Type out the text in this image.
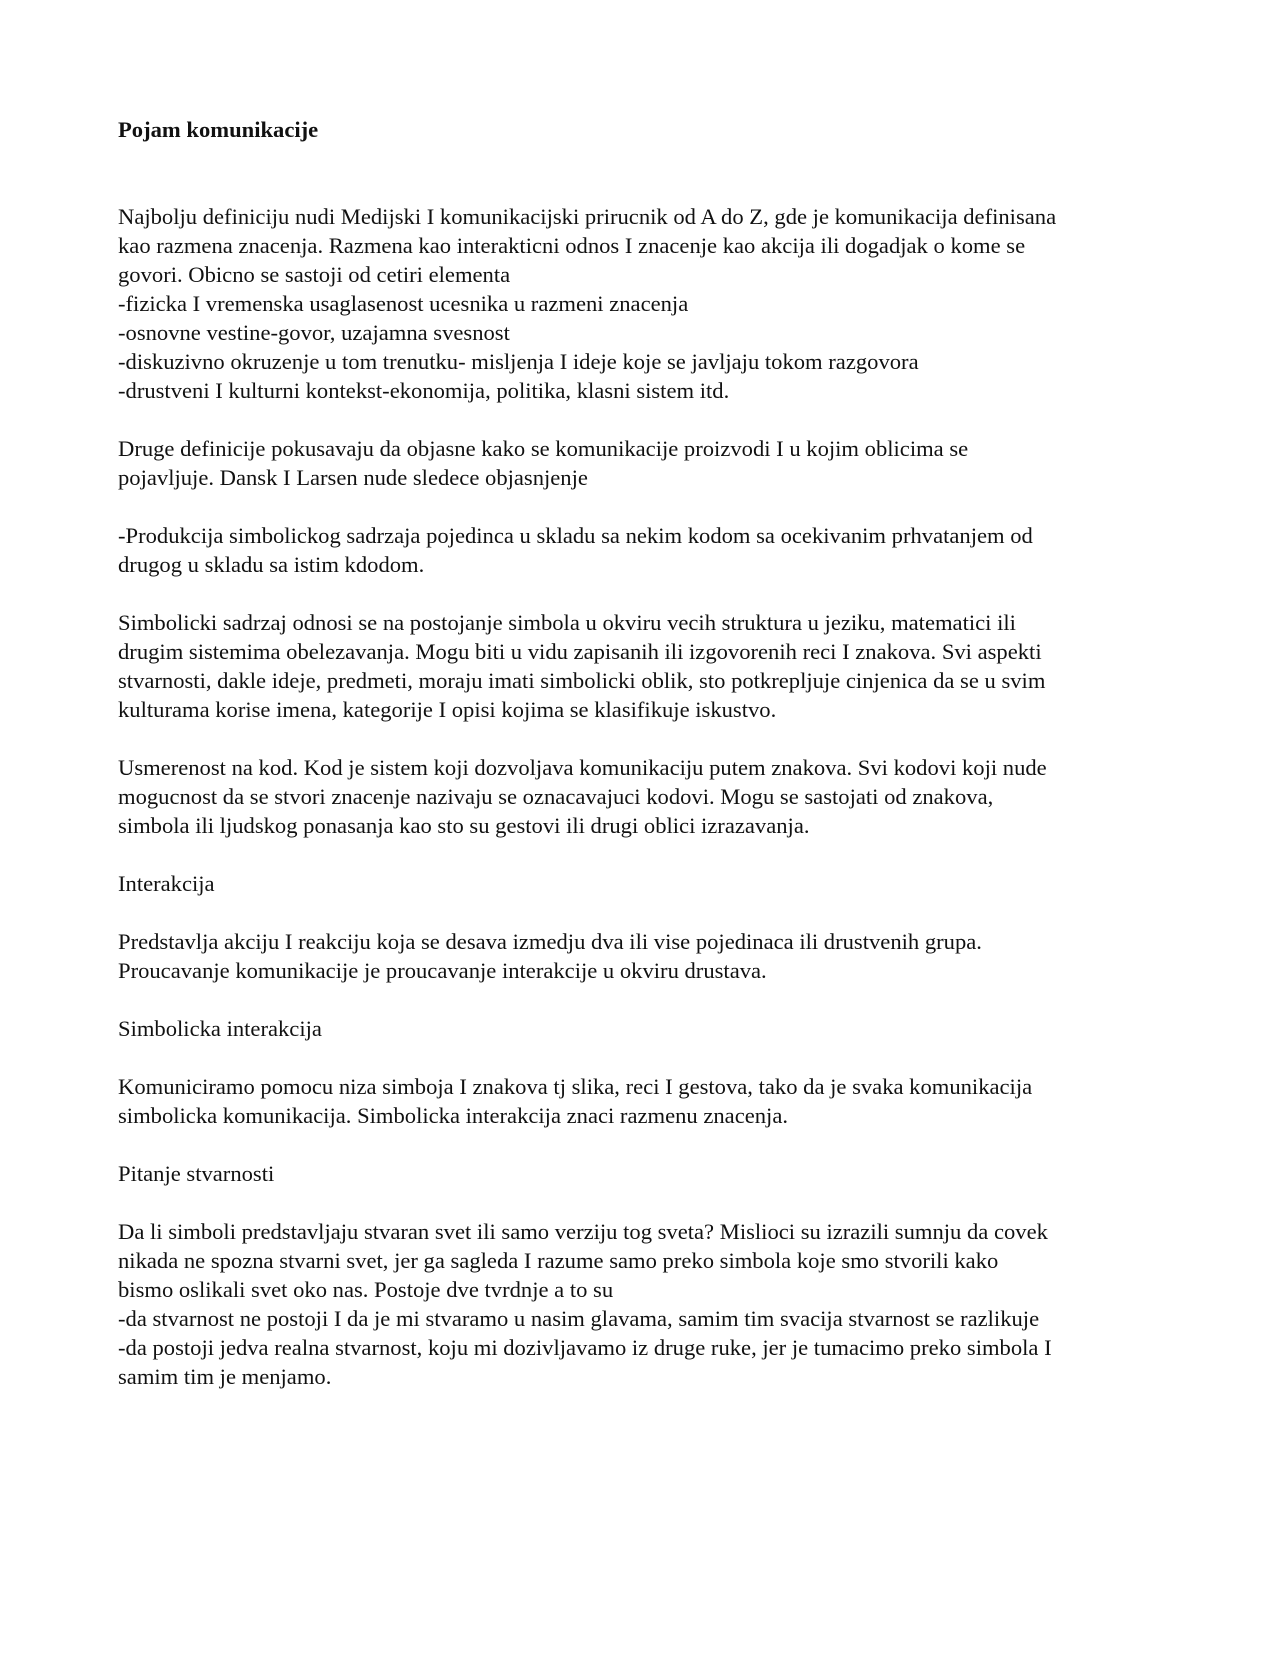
Pojam komunikacije
Najbolju definiciju nudi Medijski I komunikacijski prirucnik od A do Z, gde je komunikacija definisana
kao razmena znacenja. Razmena kao interakticni odnos I znacenje kao akcija ili dogadjak o kome se
govori. Obicno se sastoji od cetiri elementa
-fizicka I vremenska usaglasenost ucesnika u razmeni znacenja
-osnovne vestine-govor, uzajamna svesnost
-diskuzivno okruzenje u tom trenutku- misljenja I ideje koje se javljaju tokom razgovora
-drustveni I kulturni kontekst-ekonomija, politika, klasni sistem itd.
Druge definicije pokusavaju da objasne kako se komunikacije proizvodi I u kojim oblicima se
pojavljuje. Dansk I Larsen nude sledece objasnjenje
-Produkcija simbolickog sadrzaja pojedinca u skladu sa nekim kodom sa ocekivanim prhvatanjem od
drugog u skladu sa istim kdodom.
Simbolicki sadrzaj odnosi se na postojanje simbola u okviru vecih struktura u jeziku, matematici ili
drugim sistemima obelezavanja. Mogu biti u vidu zapisanih ili izgovorenih reci I znakova. Svi aspekti
stvarnosti, dakle ideje, predmeti, moraju imati simbolicki oblik, sto potkrepljuje cinjenica da se u svim
kulturama korise imena, kategorije I opisi kojima se klasifikuje iskustvo.
Usmerenost na kod. Kod je sistem koji dozvoljava komunikaciju putem znakova. Svi kodovi koji nude
mogucnost da se stvori znacenje nazivaju se oznacavajuci kodovi. Mogu se sastojati od znakova,
simbola ili ljudskog ponasanja kao sto su gestovi ili drugi oblici izrazavanja.
Interakcija
Predstavlja akciju I reakciju koja se desava izmedju dva ili vise pojedinaca ili drustvenih grupa.
Proucavanje komunikacije je proucavanje interakcije u okviru drustava.
Simbolicka interakcija
Komuniciramo pomocu niza simboja I znakova tj slika, reci I gestova, tako da je svaka komunikacija
simbolicka komunikacija. Simbolicka interakcija znaci razmenu znacenja.
Pitanje stvarnosti
Da li simboli predstavljaju stvaran svet ili samo verziju tog sveta? Mislioci su izrazili sumnju da covek
nikada ne spozna stvarni svet, jer ga sagleda I razume samo preko simbola koje smo stvorili kako
bismo oslikali svet oko nas. Postoje dve tvrdnje a to su
-da stvarnost ne postoji I da je mi stvaramo u nasim glavama, samim tim svacija stvarnost se razlikuje
-da postoji jedva realna stvarnost, koju mi dozivljavamo iz druge ruke, jer je tumacimo preko simbola I
samim tim je menjamo.
